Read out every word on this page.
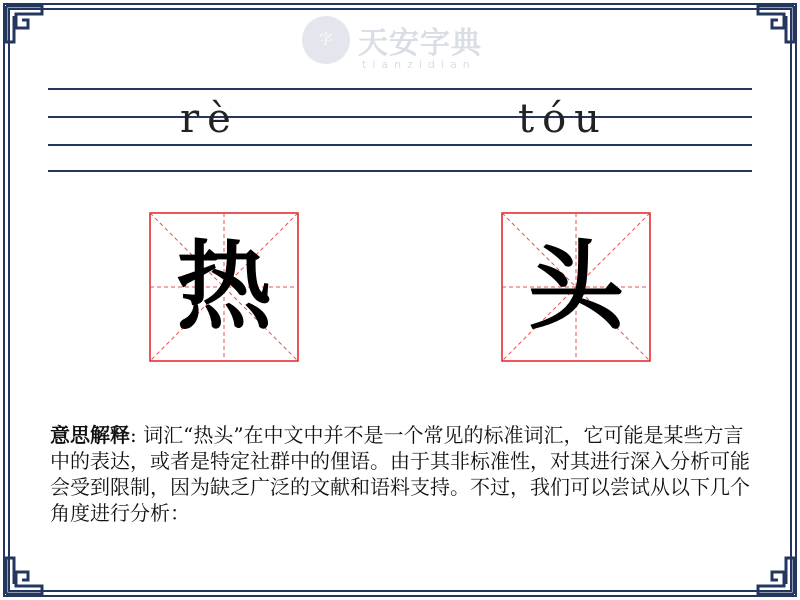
字 天安字典
tianzidian
rè	tóu
热	头
意思解释: 词汇“热头”在中文中并不是一个常见的标准词汇，它可能是某些方言中的表达，或者是特定社群中的俚语。由于其非标准性，对其进行深入分析可能会受到限制，因为缺乏广泛的文献和语料支持。不过，我们可以尝试从以下几个角度进行分析：
